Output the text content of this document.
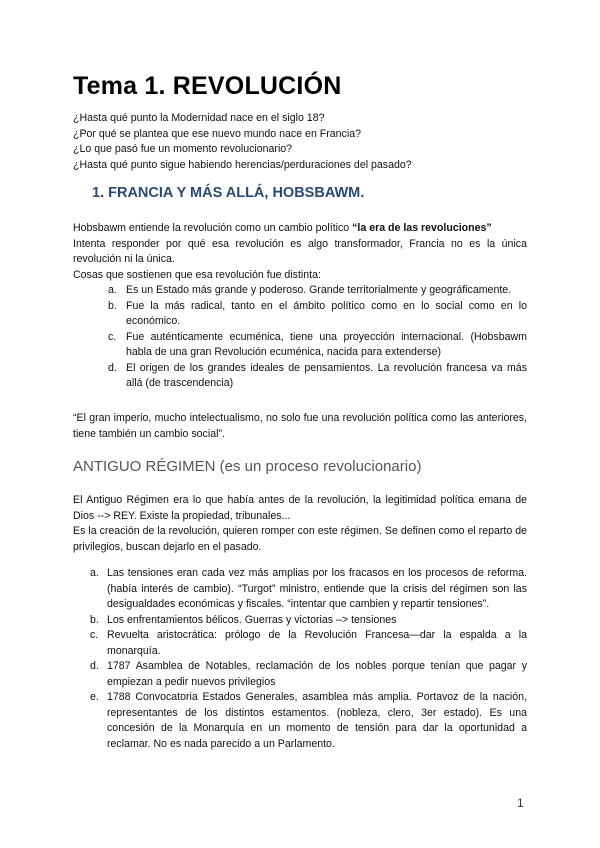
Tema 1. REVOLUCIÓN
¿Hasta qué punto la Modernidad nace en el siglo 18?
¿Por qué se plantea que ese nuevo mundo nace en Francia?
¿Lo que pasó fue un momento revolucionario?
¿Hasta qué punto sigue habiendo herencias/perduraciones del pasado?
1. FRANCIA Y MÁS ALLÁ, HOBSBAWM.

Hobsbawm entiende la revolución como un cambio político “la era de las revoluciones”

Intenta responder por qué esa revolución es algo transformador, Francia no es la única revolución ni la única.

Cosas que sostienen que esa revolución fue distinta:

a. Es un Estado más grande y poderoso. Grande territorialmente y geográficamente.
b. Fue la más radical, tanto en el ámbito político como en lo social como en lo económico.
c. Fue auténticamente ecuménica, tiene una proyección internacional. (Hobsbawm habla de una gran Revolución ecuménica, nacida para extenderse)
d. El origen de los grandes ideales de pensamientos. La revolución francesa va más allá (de trascendencia)

“El gran imperio, mucho intelectualismo, no solo fue una revolución política como las anteriores, tiene también un cambio social”.

ANTIGUO RÉGIMEN (es un proceso revolucionario)

El Antiguo Régimen era lo que había antes de la revolución, la legitimidad política emana de Dios --> REY. Existe la propiedad, tribunales...

Es la creación de la revolución, quieren romper con este régimen. Se definen como el reparto de privilegios, buscan dejarlo en el pasado.

a. Las tensiones eran cada vez más amplias por los fracasos en los procesos de reforma. (había interés de cambio). “Turgot” ministro, entiende que la crisis del régimen son las desigualdades económicas y fiscales. “intentar que cambien y repartir tensiones”.
b. Los enfrentamientos bélicos. Guerras y victorias –> tensiones
c. Revuelta aristocrática: prólogo de la Revolución Francesa—dar la espalda a la monarquía.
d. 1787 Asamblea de Notables, reclamación de los nobles porque tenían que pagar y empiezan a pedir nuevos privilegios
e. 1788 Convocatoria Estados Generales, asamblea más amplia. Portavoz de la nación, representantes de los distintos estamentos. (nobleza, clero, 3er estado). Es una concesión de la Monarquía en un momento de tensión para dar la oportunidad a reclamar. No es nada parecido a un Parlamento.
1
